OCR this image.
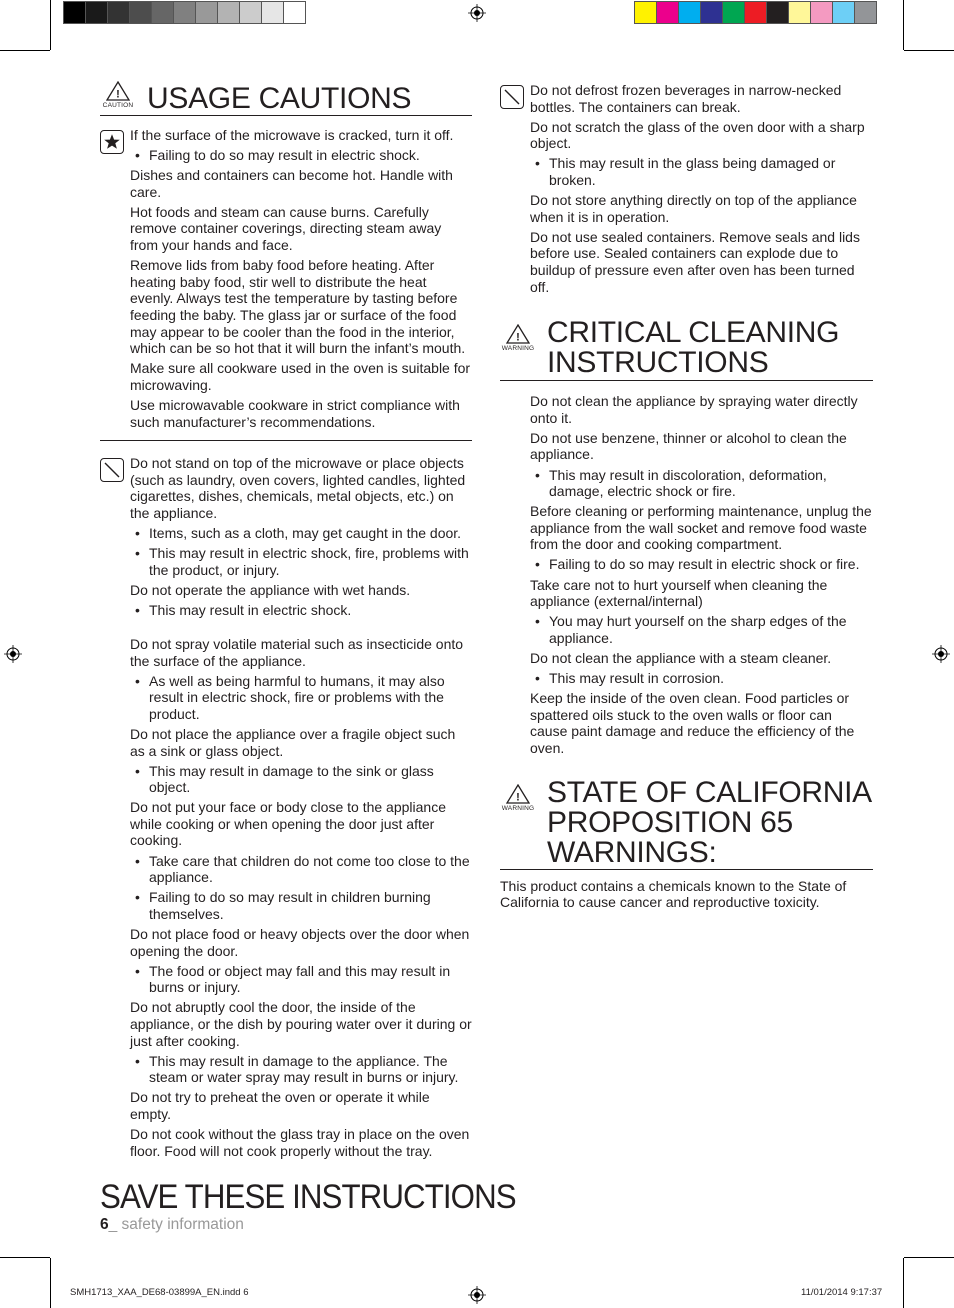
!
CAUTION USAGE CAUTIONS

If the surface of the microwave is cracked, turn it off.

• Failing to do so may result in electric shock.

Dishes and containers can become hot. Handle with care.

Hot foods and steam can cause burns. Carefully remove container coverings, directing steam away from your hands and face.

Remove lids from baby food before heating. After heating baby food, stir well to distribute the heat evenly. Always test the temperature by tasting before feeding the baby. The glass jar or surface of the food may appear to be cooler than the food in the interior, which can be so hot that it will burn the infant’s mouth.

Make sure all cookware used in the oven is suitable for microwaving.

Use microwavable cookware in strict compliance with such manufacturer’s recommendations.

Do not stand on top of the microwave or place objects (such as laundry, oven covers, lighted candles, lighted cigarettes, dishes, chemicals, metal objects, etc.) on the appliance.

• Items, such as a cloth, may get caught in the door.
• This may result in electric shock, fire, problems with the product, or injury.

Do not operate the appliance with wet hands.

• This may result in electric shock.

Do not spray volatile material such as insecticide onto the surface of the appliance.

• As well as being harmful to humans, it may also result in electric shock, fire or problems with the product.

Do not place the appliance over a fragile object such as a sink or glass object.

• This may result in damage to the sink or glass object.

Do not put your face or body close to the appliance while cooking or when opening the door just after cooking.

• Take care that children do not come too close to the appliance.
• Failing to do so may result in children burning themselves.

Do not place food or heavy objects over the door when opening the door.

• The food or object may fall and this may result in burns or injury.

Do not abruptly cool the door, the inside of the appliance, or the dish by pouring water over it during or just after cooking.

• This may result in damage to the appliance. The steam or water spray may result in burns or injury.

Do not try to preheat the oven or operate it while empty.

Do not cook without the glass tray in place on the oven floor. Food will not cook properly without the tray.

Do not defrost frozen beverages in narrow-necked bottles. The containers can break.

Do not scratch the glass of the oven door with a sharp object.

• This may result in the glass being damaged or broken.

Do not store anything directly on top of the appliance when it is in operation.

Do not use sealed containers. Remove seals and lids before use. Sealed containers can explode due to buildup of pressure even after oven has been turned off.

!
WARNING CRITICAL CLEANING
INSTRUCTIONS

Do not clean the appliance by spraying water directly onto it.

Do not use benzene, thinner or alcohol to clean the appliance.

• This may result in discoloration, deformation, damage, electric shock or fire.

Before cleaning or performing maintenance, unplug the appliance from the wall socket and remove food waste from the door and cooking compartment.

• Failing to do so may result in electric shock or fire.

Take care not to hurt yourself when cleaning the appliance (external/internal)

• You may hurt yourself on the sharp edges of the appliance.

Do not clean the appliance with a steam cleaner.

• This may result in corrosion.

Keep the inside of the oven clean. Food particles or spattered oils stuck to the oven walls or floor can cause paint damage and reduce the efficiency of the oven.

!
WARNING STATE OF CALIFORNIA
PROPOSITION 65
WARNINGS:

This product contains a chemicals known to the State of California to cause cancer and reproductive toxicity.

SAVE THESE INSTRUCTIONS
6_ safety information
SMH1713_XAA_DE68-03899A_EN.indd 6	11/01/2014 9:17:37
